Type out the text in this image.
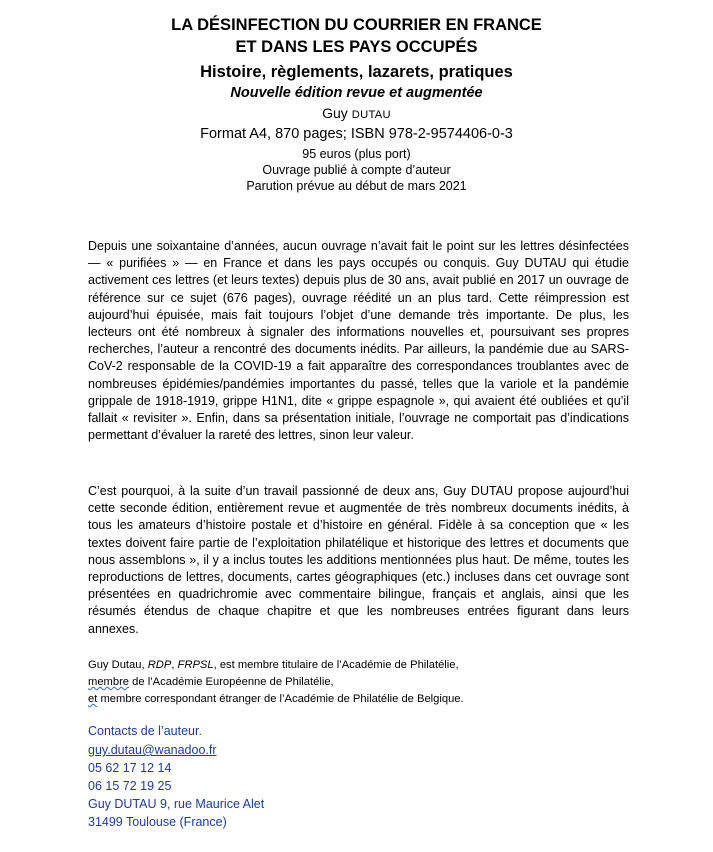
LA DÉSINFECTION DU COURRIER EN FRANCE
ET DANS LES PAYS OCCUPÉS
Histoire, règlements, lazarets, pratiques
Nouvelle édition revue et augmentée
Guy DUTAU
Format A4, 870 pages; ISBN 978-2-9574406-0-3
95 euros (plus port)
Ouvrage publié à compte d’auteur
Parution prévue au début de mars 2021
Depuis une soixantaine d’années, aucun ouvrage n’avait fait le point sur les lettres désinfectées — « purifiées » — en France et dans les pays occupés ou conquis. Guy DUTAU qui étudie activement ces lettres (et leurs textes) depuis plus de 30 ans, avait publié en 2017 un ouvrage de référence sur ce sujet (676 pages), ouvrage réédité un an plus tard. Cette réimpression est aujourd’hui épuisée, mais fait toujours l’objet d’une demande très importante. De plus, les lecteurs ont été nombreux à signaler des informations nouvelles et, poursuivant ses propres recherches, l’auteur a rencontré des documents inédits. Par ailleurs, la pandémie due au SARS-CoV-2 responsable de la COVID-19 a fait apparaître des correspondances troublantes avec de nombreuses épidémies/pandémies importantes du passé, telles que la variole et la pandémie grippale de 1918-1919, grippe H1N1, dite « grippe espagnole », qui avaient été oubliées et qu’il fallait « revisiter ». Enfin, dans sa présentation initiale, l’ouvrage ne comportait pas d’indications permettant d’évaluer la rareté des lettres, sinon leur valeur.
C’est pourquoi, à la suite d’un travail passionné de deux ans, Guy DUTAU propose aujourd’hui cette seconde édition, entièrement revue et augmentée de très nombreux documents inédits, à tous les amateurs d’histoire postale et d’histoire en général. Fidèle à sa conception que « les textes doivent faire partie de l’exploitation philatélique et historique des lettres et documents que nous assemblons », il y a inclus toutes les additions mentionnées plus haut. De même, toutes les reproductions de lettres, documents, cartes géographiques (etc.) incluses dans cet ouvrage sont présentées en quadrichromie avec commentaire bilingue, français et anglais, ainsi que les résumés étendus de chaque chapitre et que les nombreuses entrées figurant dans leurs annexes.
Guy Dutau, RDP, FRPSL, est membre titulaire de l’Académie de Philatélie,
membre de l’Académie Européenne de Philatélie,
et membre correspondant étranger de l’Académie de Philatélie de Belgique.
Contacts de l’auteur.
guy.dutau@wanadoo.fr
05 62 17 12 14
06 15 72 19 25
Guy DUTAU 9, rue Maurice Alet
31499 Toulouse (France)
